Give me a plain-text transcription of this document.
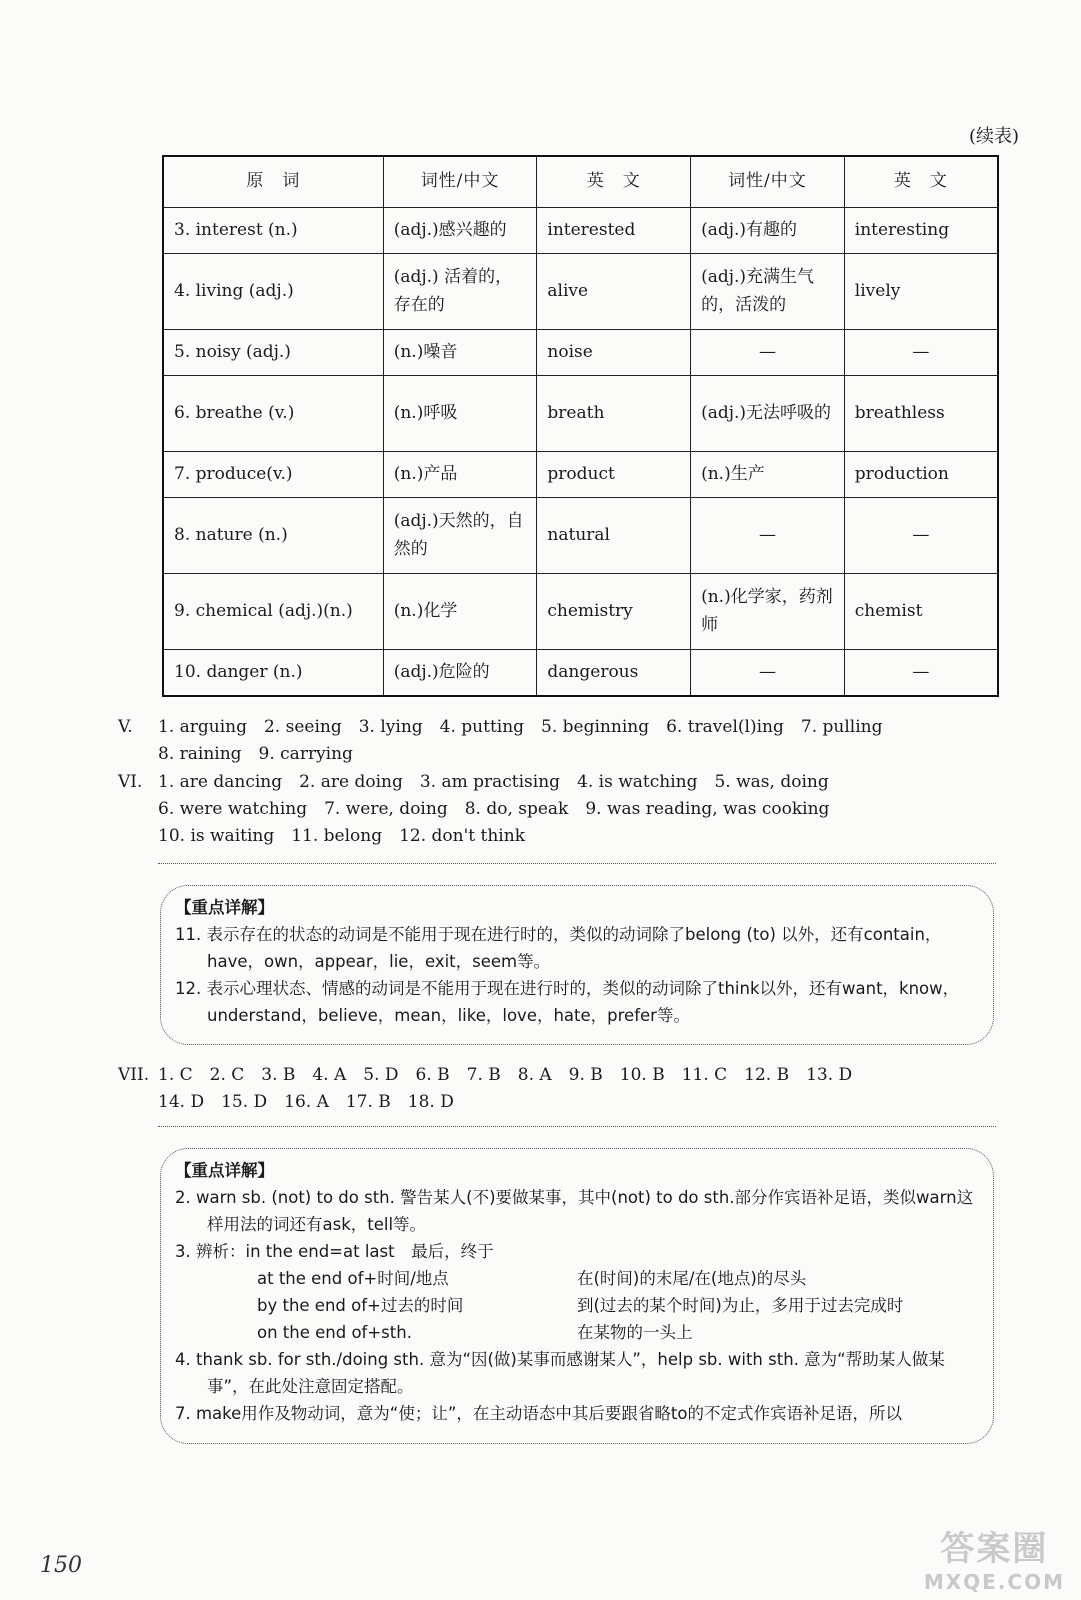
(续表)
原　词	词性/中文	英　文	词性/中文	英　文
3. interest (n.)	(adj.)感兴趣的	interested	(adj.)有趣的	interesting
4. living (adj.)	(adj.) 活着的，存在的	alive	(adj.)充满生气的，活泼的	lively
5. noisy (adj.)	(n.)噪音	noise	—	—
6. breathe (v.)	(n.)呼吸	breath	(adj.)无法呼吸的	breathless
7. produce(v.)	(n.)产品	product	(n.)生产	production
8. nature (n.)	(adj.)天然的，自然的	natural	—	—
9. chemical (adj.)(n.)	(n.)化学	chemistry	(n.)化学家，药剂师	chemist
10. danger (n.)	(adj.)危险的	dangerous	—	—
V. 1. arguing　2. seeing　3. lying　4. putting　5. beginning　6. travel(l)ing　7. pulling
8. raining　9. carrying
VI. 1. are dancing　2. are doing　3. am practising　4. is watching　5. was, doing
6. were watching　7. were, doing　8. do, speak　9. was reading, was cooking
10. is waiting　11. belong　12. don't think
【重点详解】
11. 表示存在的状态的动词是不能用于现在进行时的，类似的动词除了belong (to) 以外，还有contain，have，own，appear，lie，exit，seem等。
12. 表示心理状态、情感的动词是不能用于现在进行时的，类似的动词除了think以外，还有want，know，understand，believe，mean，like，love，hate，prefer等。
VII. 1. C　2. C　3. B　4. A　5. D　6. B　7. B　8. A　9. B　10. B　11. C　12. B　13. D
14. D　15. D　16. A　17. B　18. D
【重点详解】
2. warn sb. (not) to do sth. 警告某人(不)要做某事，其中(not) to do sth.部分作宾语补足语，类似warn这样用法的词还有ask，tell等。
3. 辨析：in the end=at last　最后，终于
at the end of+时间/地点	在(时间)的末尾/在(地点)的尽头
by the end of+过去的时间	到(过去的某个时间)为止，多用于过去完成时
on the end of+sth.	在某物的一头上
4. thank sb. for sth./doing sth. 意为“因(做)某事而感谢某人”，help sb. with sth. 意为“帮助某人做某事”，在此处注意固定搭配。
7. make用作及物动词，意为“使；让”，在主动语态中其后要跟省略to的不定式作宾语补足语，所以
150	答案圈
MXQE.COM
